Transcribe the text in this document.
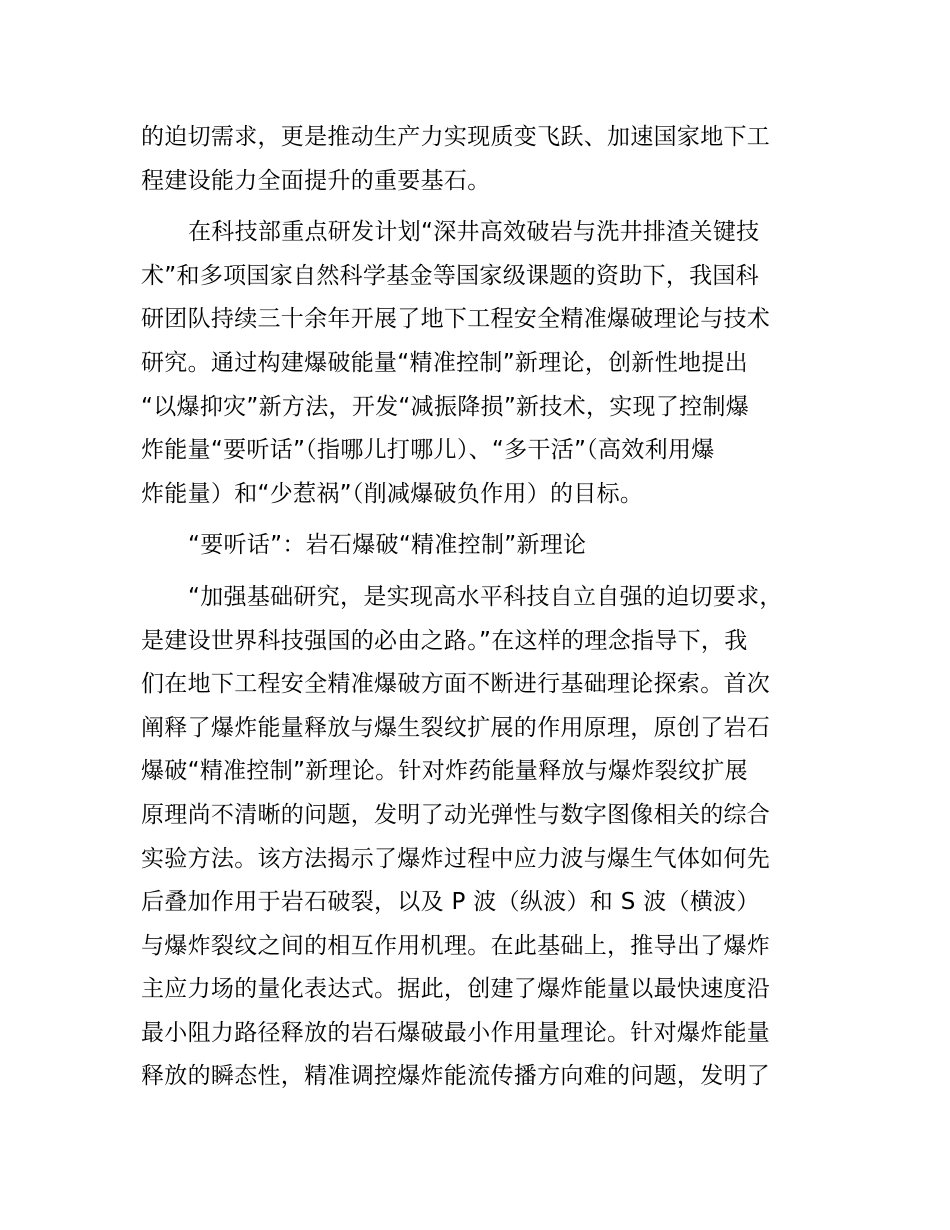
的迫切需求，更是推动生产力实现质变飞跃、加速国家地下工
程建设能力全面提升的重要基石。
在科技部重点研发计划“深井高效破岩与洗井排渣关键技
术”和多项国家自然科学基金等国家级课题的资助下，我国科
研团队持续三十余年开展了地下工程安全精准爆破理论与技术
研究。通过构建爆破能量“精准控制”新理论，创新性地提出
“以爆抑灾”新方法，开发“减振降损”新技术，实现了控制爆
炸能量“要听话”（指哪儿打哪儿）、“多干活”（高效利用爆
炸能量）和“少惹祸”（削减爆破负作用）的目标。
“要听话”：岩石爆破“精准控制”新理论
“加强基础研究，是实现高水平科技自立自强的迫切要求，
是建设世界科技强国的必由之路。”在这样的理念指导下，我
们在地下工程安全精准爆破方面不断进行基础理论探索。首次
阐释了爆炸能量释放与爆生裂纹扩展的作用原理，原创了岩石
爆破“精准控制”新理论。针对炸药能量释放与爆炸裂纹扩展
原理尚不清晰的问题，发明了动光弹性与数字图像相关的综合
实验方法。该方法揭示了爆炸过程中应力波与爆生气体如何先
后叠加作用于岩石破裂，以及 P 波（纵波）和 S 波（横波）
与爆炸裂纹之间的相互作用机理。在此基础上，推导出了爆炸
主应力场的量化表达式。据此，创建了爆炸能量以最快速度沿
最小阻力路径释放的岩石爆破最小作用量理论。针对爆炸能量
释放的瞬态性，精准调控爆炸能流传播方向难的问题，发明了
